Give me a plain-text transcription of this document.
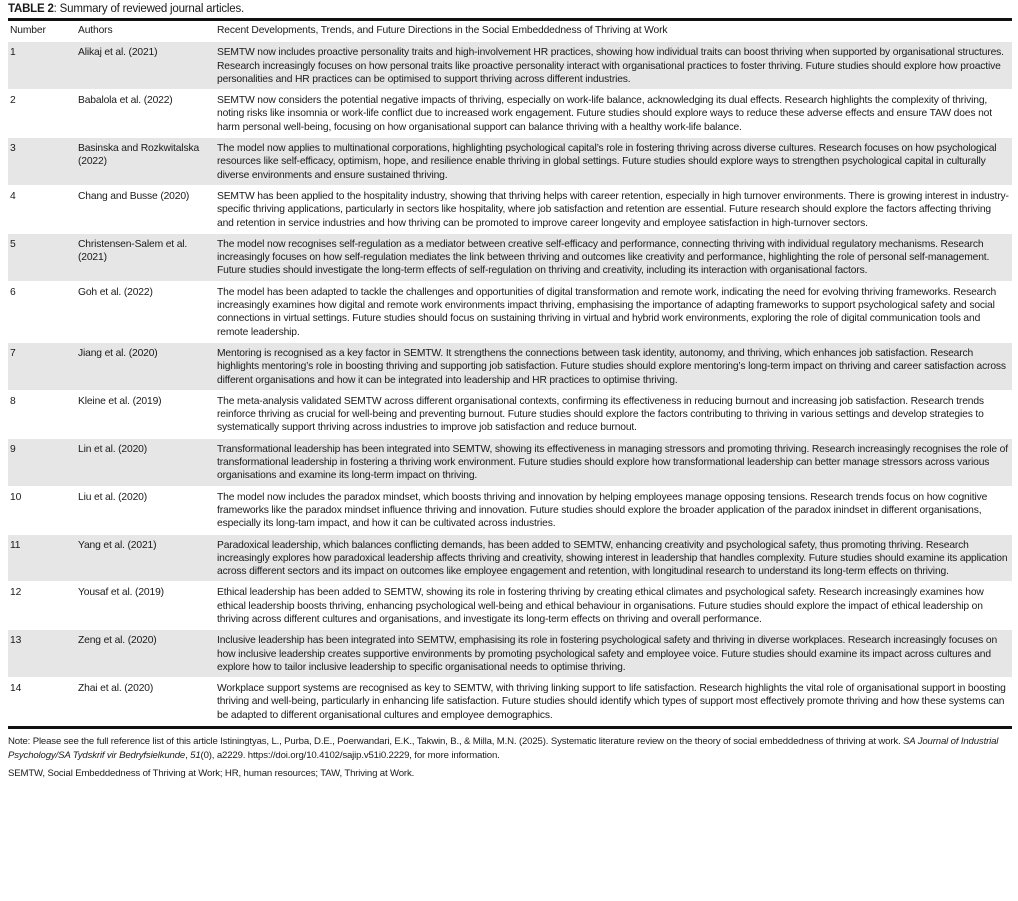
TABLE 2: Summary of reviewed journal articles.
Number	Authors	Recent Developments, Trends, and Future Directions in the Social Embeddedness of Thriving at Work
1	Alikaj et al. (2021)	SEMTW now includes proactive personality traits and high-involvement HR practices, showing how individual traits can boost thriving when supported by organisational structures. Research increasingly focuses on how personal traits like proactive personality interact with organisational practices to foster thriving. Future studies should explore how proactive personalities and HR practices can be optimised to support thriving across different industries.
2	Babalola et al. (2022)	SEMTW now considers the potential negative impacts of thriving, especially on work-life balance, acknowledging its dual effects. Research highlights the complexity of thriving, noting risks like insomnia or work-life conflict due to increased work engagement. Future studies should explore ways to reduce these adverse effects and ensure TAW does not harm personal well-being, focusing on how organisational support can balance thriving with a healthy work-life balance.
3	Basinska and Rozkwitalska (2022)	The model now applies to multinational corporations, highlighting psychological capital’s role in fostering thriving across diverse cultures. Research focuses on how psychological resources like self-efficacy, optimism, hope, and resilience enable thriving in global settings. Future studies should explore ways to strengthen psychological capital in culturally diverse environments and ensure sustained thriving.
4	Chang and Busse (2020)	SEMTW has been applied to the hospitality industry, showing that thriving helps with career retention, especially in high turnover environments. There is growing interest in industry-specific thriving applications, particularly in sectors like hospitality, where job satisfaction and retention are essential. Future research should explore the factors affecting thriving and retention in service industries and how thriving can be promoted to improve career longevity and employee satisfaction in high-turnover sectors.
5	Christensen-Salem et al. (2021)	The model now recognises self-regulation as a mediator between creative self-efficacy and performance, connecting thriving with individual regulatory mechanisms. Research increasingly focuses on how self-regulation mediates the link between thriving and outcomes like creativity and performance, highlighting the role of personal self-management. Future studies should investigate the long-term effects of self-regulation on thriving and creativity, including its interaction with organisational factors.
6	Goh et al. (2022)	The model has been adapted to tackle the challenges and opportunities of digital transformation and remote work, indicating the need for evolving thriving frameworks. Research increasingly examines how digital and remote work environments impact thriving, emphasising the importance of adapting frameworks to support psychological safety and social connections in virtual settings. Future studies should focus on sustaining thriving in virtual and hybrid work environments, exploring the role of digital communication tools and remote leadership.
7	Jiang et al. (2020)	Mentoring is recognised as a key factor in SEMTW. It strengthens the connections between task identity, autonomy, and thriving, which enhances job satisfaction. Research highlights mentoring’s role in boosting thriving and supporting job satisfaction. Future studies should explore mentoring’s long-term impact on thriving and career satisfaction across different organisations and how it can be integrated into leadership and HR practices to optimise thriving.
8	Kleine et al. (2019)	The meta-analysis validated SEMTW across different organisational contexts, confirming its effectiveness in reducing burnout and increasing job satisfaction. Research trends reinforce thriving as crucial for well-being and preventing burnout. Future studies should explore the factors contributing to thriving in various settings and develop strategies to systematically support thriving across industries to improve job satisfaction and reduce burnout.
9	Lin et al. (2020)	Transformational leadership has been integrated into SEMTW, showing its effectiveness in managing stressors and promoting thriving. Research increasingly recognises the role of transformational leadership in fostering a thriving work environment. Future studies should explore how transformational leadership can better manage stressors across various organisations and examine its long-term impact on thriving.
10	Liu et al. (2020)	The model now includes the paradox mindset, which boosts thriving and innovation by helping employees manage opposing tensions. Research trends focus on how cognitive frameworks like the paradox mindset influence thriving and innovation. Future studies should explore the broader application of the paradox inindset in different organisations, especially its long-tam impact, and how it can be cultivated across industries.
11	Yang et al. (2021)	Paradoxical leadership, which balances conflicting demands, has been added to SEMTW, enhancing creativity and psychological safety, thus promoting thriving. Research increasingly explores how paradoxical leadership affects thriving and creativity, showing interest in leadership that handles complexity. Future studies should examine its application across different sectors and its impact on outcomes like employee engagement and retention, with longitudinal research to understand its long-term effects on thriving.
12	Yousaf et al. (2019)	Ethical leadership has been added to SEMTW, showing its role in fostering thriving by creating ethical climates and psychological safety. Research increasingly examines how ethical leadership boosts thriving, enhancing psychological well-being and ethical behaviour in organisations. Future studies should explore the impact of ethical leadership on thriving across different cultures and organisations, and investigate its long-term effects on thriving and overall performance.
13	Zeng et al. (2020)	Inclusive leadership has been integrated into SEMTW, emphasising its role in fostering psychological safety and thriving in diverse workplaces. Research increasingly focuses on how inclusive leadership creates supportive environments by promoting psychological safety and employee voice. Future studies should examine its impact across cultures and explore how to tailor inclusive leadership to specific organisational needs to optimise thriving.
14	Zhai et al. (2020)	Workplace support systems are recognised as key to SEMTW, with thriving linking support to life satisfaction. Research highlights the vital role of organisational support in boosting thriving and well-being, particularly in enhancing life satisfaction. Future studies should identify which types of support most effectively promote thriving and how these systems can be adapted to different organisational cultures and employee demographics.
Note: Please see the full reference list of this article Istiningtyas, L., Purba, D.E., Poerwandari, E.K., Takwin, B., & Milla, M.N. (2025). Systematic literature review on the theory of social embeddedness of thriving at work. SA Journal of Industrial Psychology/SA Tydskrif vir Bedryfsielkunde, 51(0), a2229. https://doi.org/10.4102/sajip.v51i0.2229, for more information.
SEMTW, Social Embeddedness of Thriving at Work; HR, human resources; TAW, Thriving at Work.
